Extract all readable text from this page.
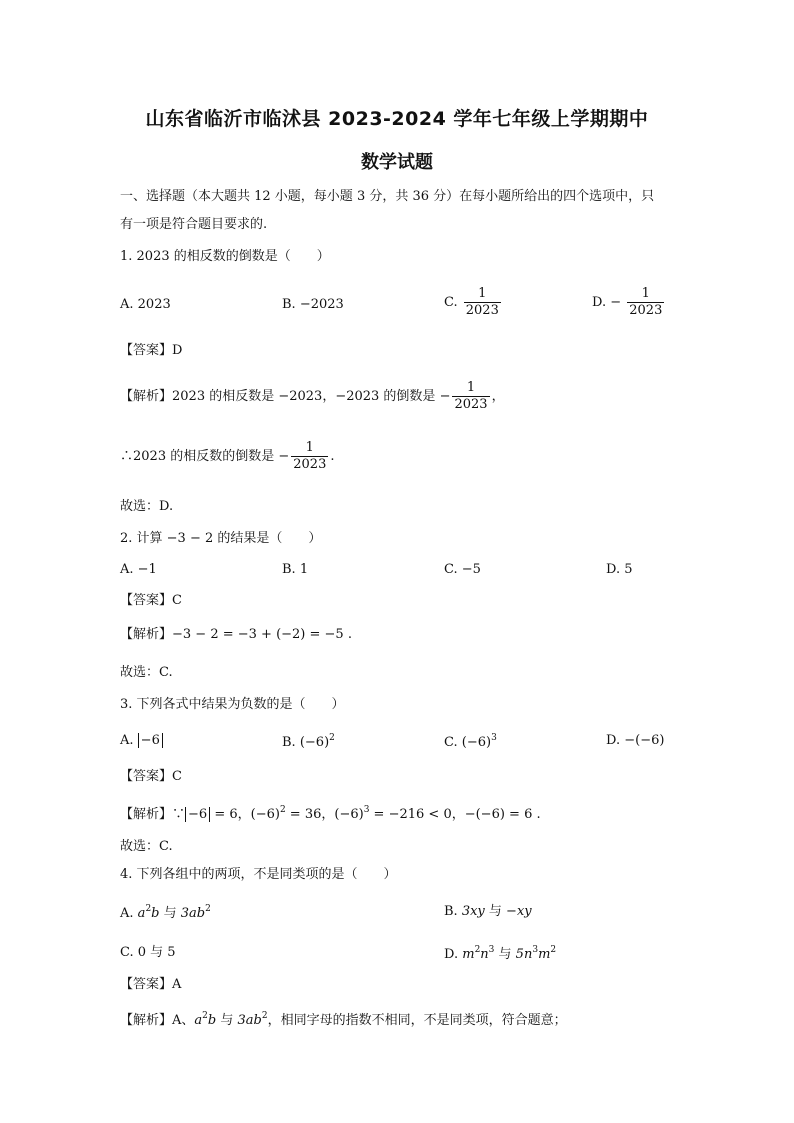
山东省临沂市临沭县 2023-2024 学年七年级上学期期中
数学试题
一、选择题（本大题共 12 小题，每小题 3 分，共 36 分）在每小题所给出的四个选项中，只
有一项是符合题目要求的.
1. 2023 的相反数的倒数是（　　）
A. 2023	B. −2023	C. $\frac{1}{2023}$	D. − $\frac{1}{2023}$
【答案】D
【解析】2023 的相反数是 −2023，−2023 的倒数是 − $\frac{1}{2023}$ ，
∴2023 的相反数的倒数是 − $\frac{1}{2023}$ .
故选：D.
2. 计算 −3 − 2 的结果是（　　）
A. −1	B. 1	C. −5	D. 5
【答案】C
【解析】−3 − 2 = −3 + (−2) = −5 .
故选：C.
3. 下列各式中结果为负数的是（　　）
A. −6	B. $(-6)^2$	C. $(-6)^3$	D. −(−6)
【答案】C
【解析】∵ −6 = 6，$(-6)^2 = 36$，$(-6)^3 = -216 < 0$，−(−6) = 6 .
故选：C.
4. 下列各组中的两项，不是同类项的是（　　）
A. $a^2b$ 与 $3ab^2$	B. 3xy 与 −xy
C. 0 与 5	D. $m^2n^3$ 与 $5n^3m^2$
【答案】A
【解析】A、$a^2b$ 与 $3ab^2$，相同字母的指数不相同，不是同类项，符合题意；
